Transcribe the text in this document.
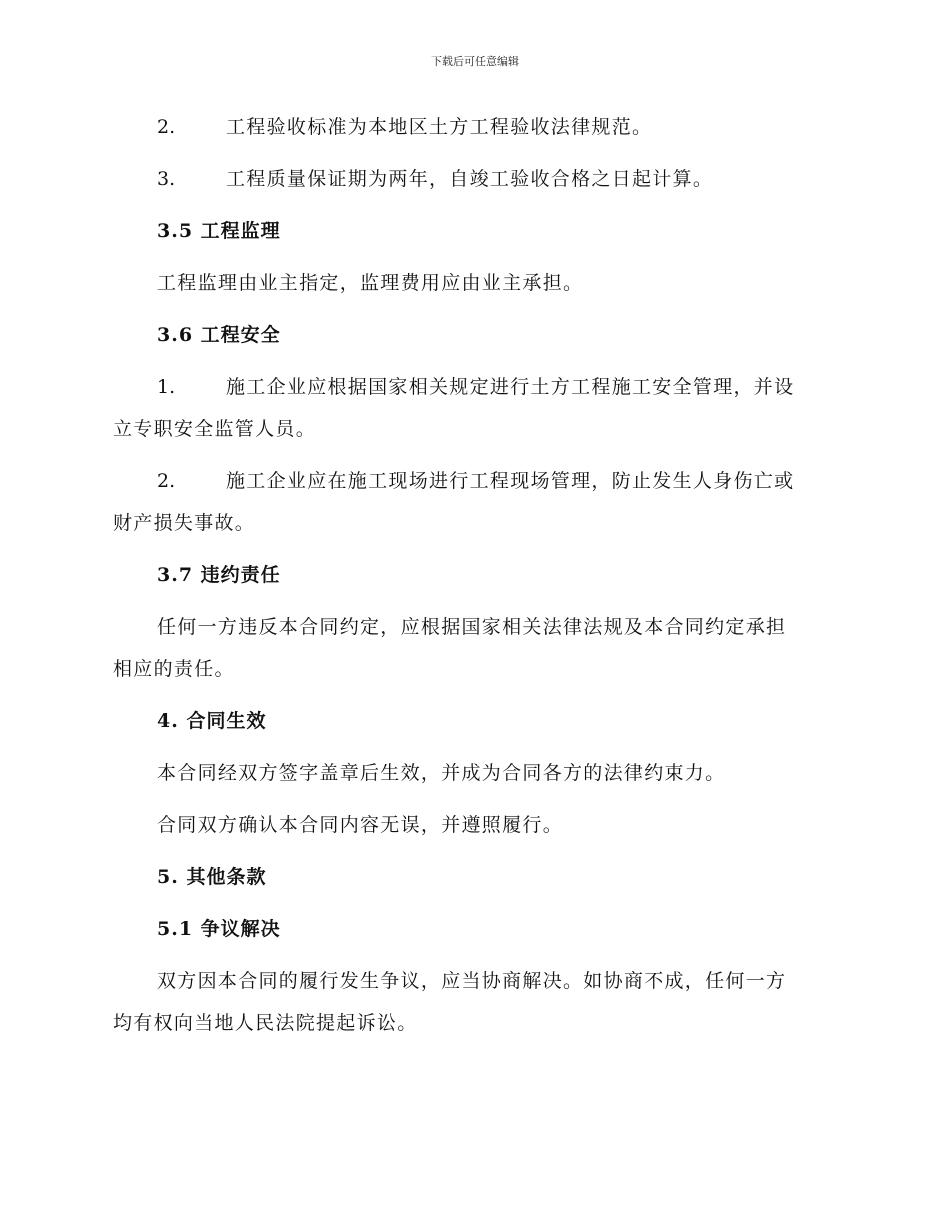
下载后可任意编辑
2.	工程验收标准为本地区土方工程验收法律规范。
3.	工程质量保证期为两年，自竣工验收合格之日起计算。
3.5 工程监理
工程监理由业主指定，监理费用应由业主承担。
3.6 工程安全
1.	施工企业应根据国家相关规定进行土方工程施工安全管理，并设
立专职安全监管人员。
2.	施工企业应在施工现场进行工程现场管理，防止发生人身伤亡或
财产损失事故。
3.7 违约责任
任何一方违反本合同约定，应根据国家相关法律法规及本合同约定承担
相应的责任。
4. 合同生效
本合同经双方签字盖章后生效，并成为合同各方的法律约束力。
合同双方确认本合同内容无误，并遵照履行。
5. 其他条款
5.1 争议解决
双方因本合同的履行发生争议，应当协商解决。如协商不成，任何一方
均有权向当地人民法院提起诉讼。
